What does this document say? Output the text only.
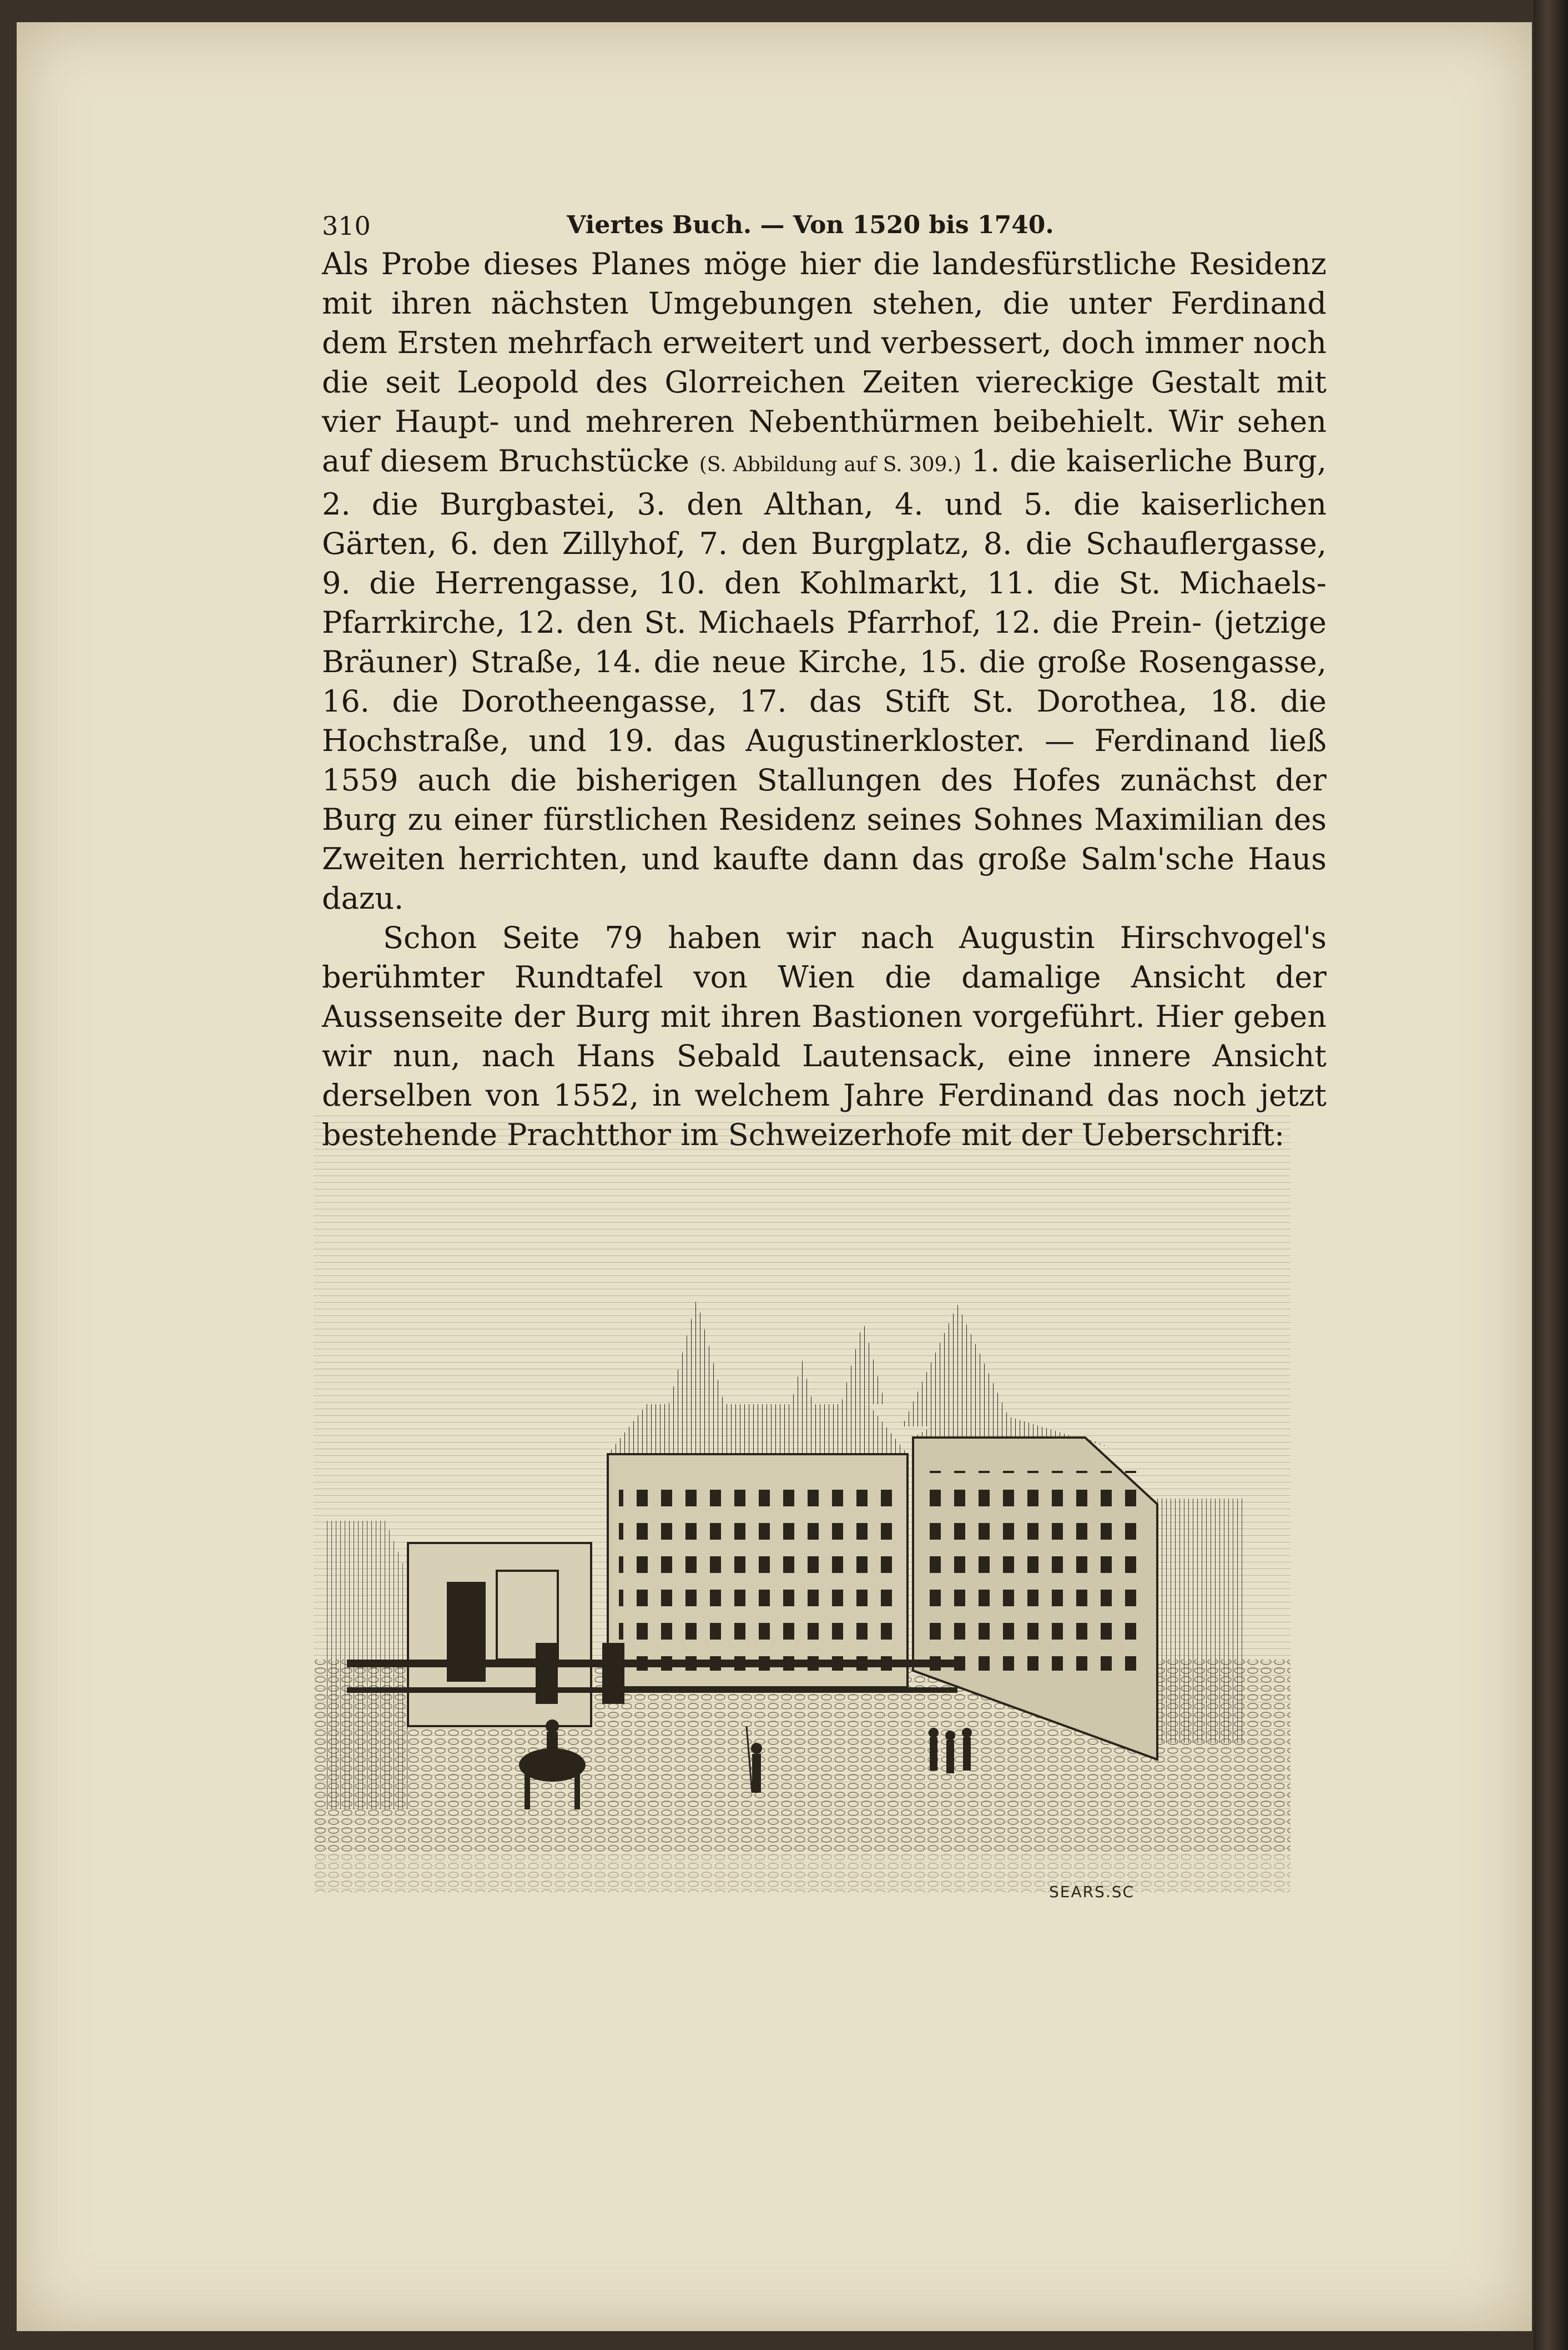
310	Viertes Buch. — Von 1520 bis 1740.

Als Probe dieses Planes möge hier die landesfürstliche Residenz mit ihren nächsten Umgebungen stehen, die unter Ferdinand dem Ersten mehrfach erweitert und verbessert, doch immer noch die seit Leopold des Glorreichen Zeiten viereckige Gestalt mit vier Haupt- und mehreren Nebenthürmen beibehielt. Wir sehen auf diesem Bruchstücke (S. Abbildung auf S. 309.) 1. die kaiserliche Burg, 2. die Burgbastei, 3. den Althan, 4. und 5. die kaiserlichen Gärten, 6. den Zillyhof, 7. den Burgplatz, 8. die Schauflergasse, 9. die Herrengasse, 10. den Kohlmarkt, 11. die St. Michaels-Pfarrkirche, 12. den St. Michaels Pfarrhof, 12. die Prein- (jetzige Bräuner) Straße, 14. die neue Kirche, 15. die große Rosengasse, 16. die Dorotheengasse, 17. das Stift St. Dorothea, 18. die Hochstraße, und 19. das Augustinerkloster. — Ferdinand ließ 1559 auch die bisherigen Stallungen des Hofes zunächst der Burg zu einer fürstlichen Residenz seines Sohnes Maximilian des Zweiten herrichten, und kaufte dann das große Salm'sche Haus dazu.

Schon Seite 79 haben wir nach Augustin Hirschvogel's berühmter Rundtafel von Wien die damalige Ansicht der Aussenseite der Burg mit ihren Bastionen vorgeführt. Hier geben wir nun, nach Hans Sebald Lautensack, eine innere Ansicht derselben von 1552, in welchem Jahre Ferdinand das noch jetzt bestehende Prachtthor im Schweizerhofe mit der Ueberschrift:

SEARS.SC
